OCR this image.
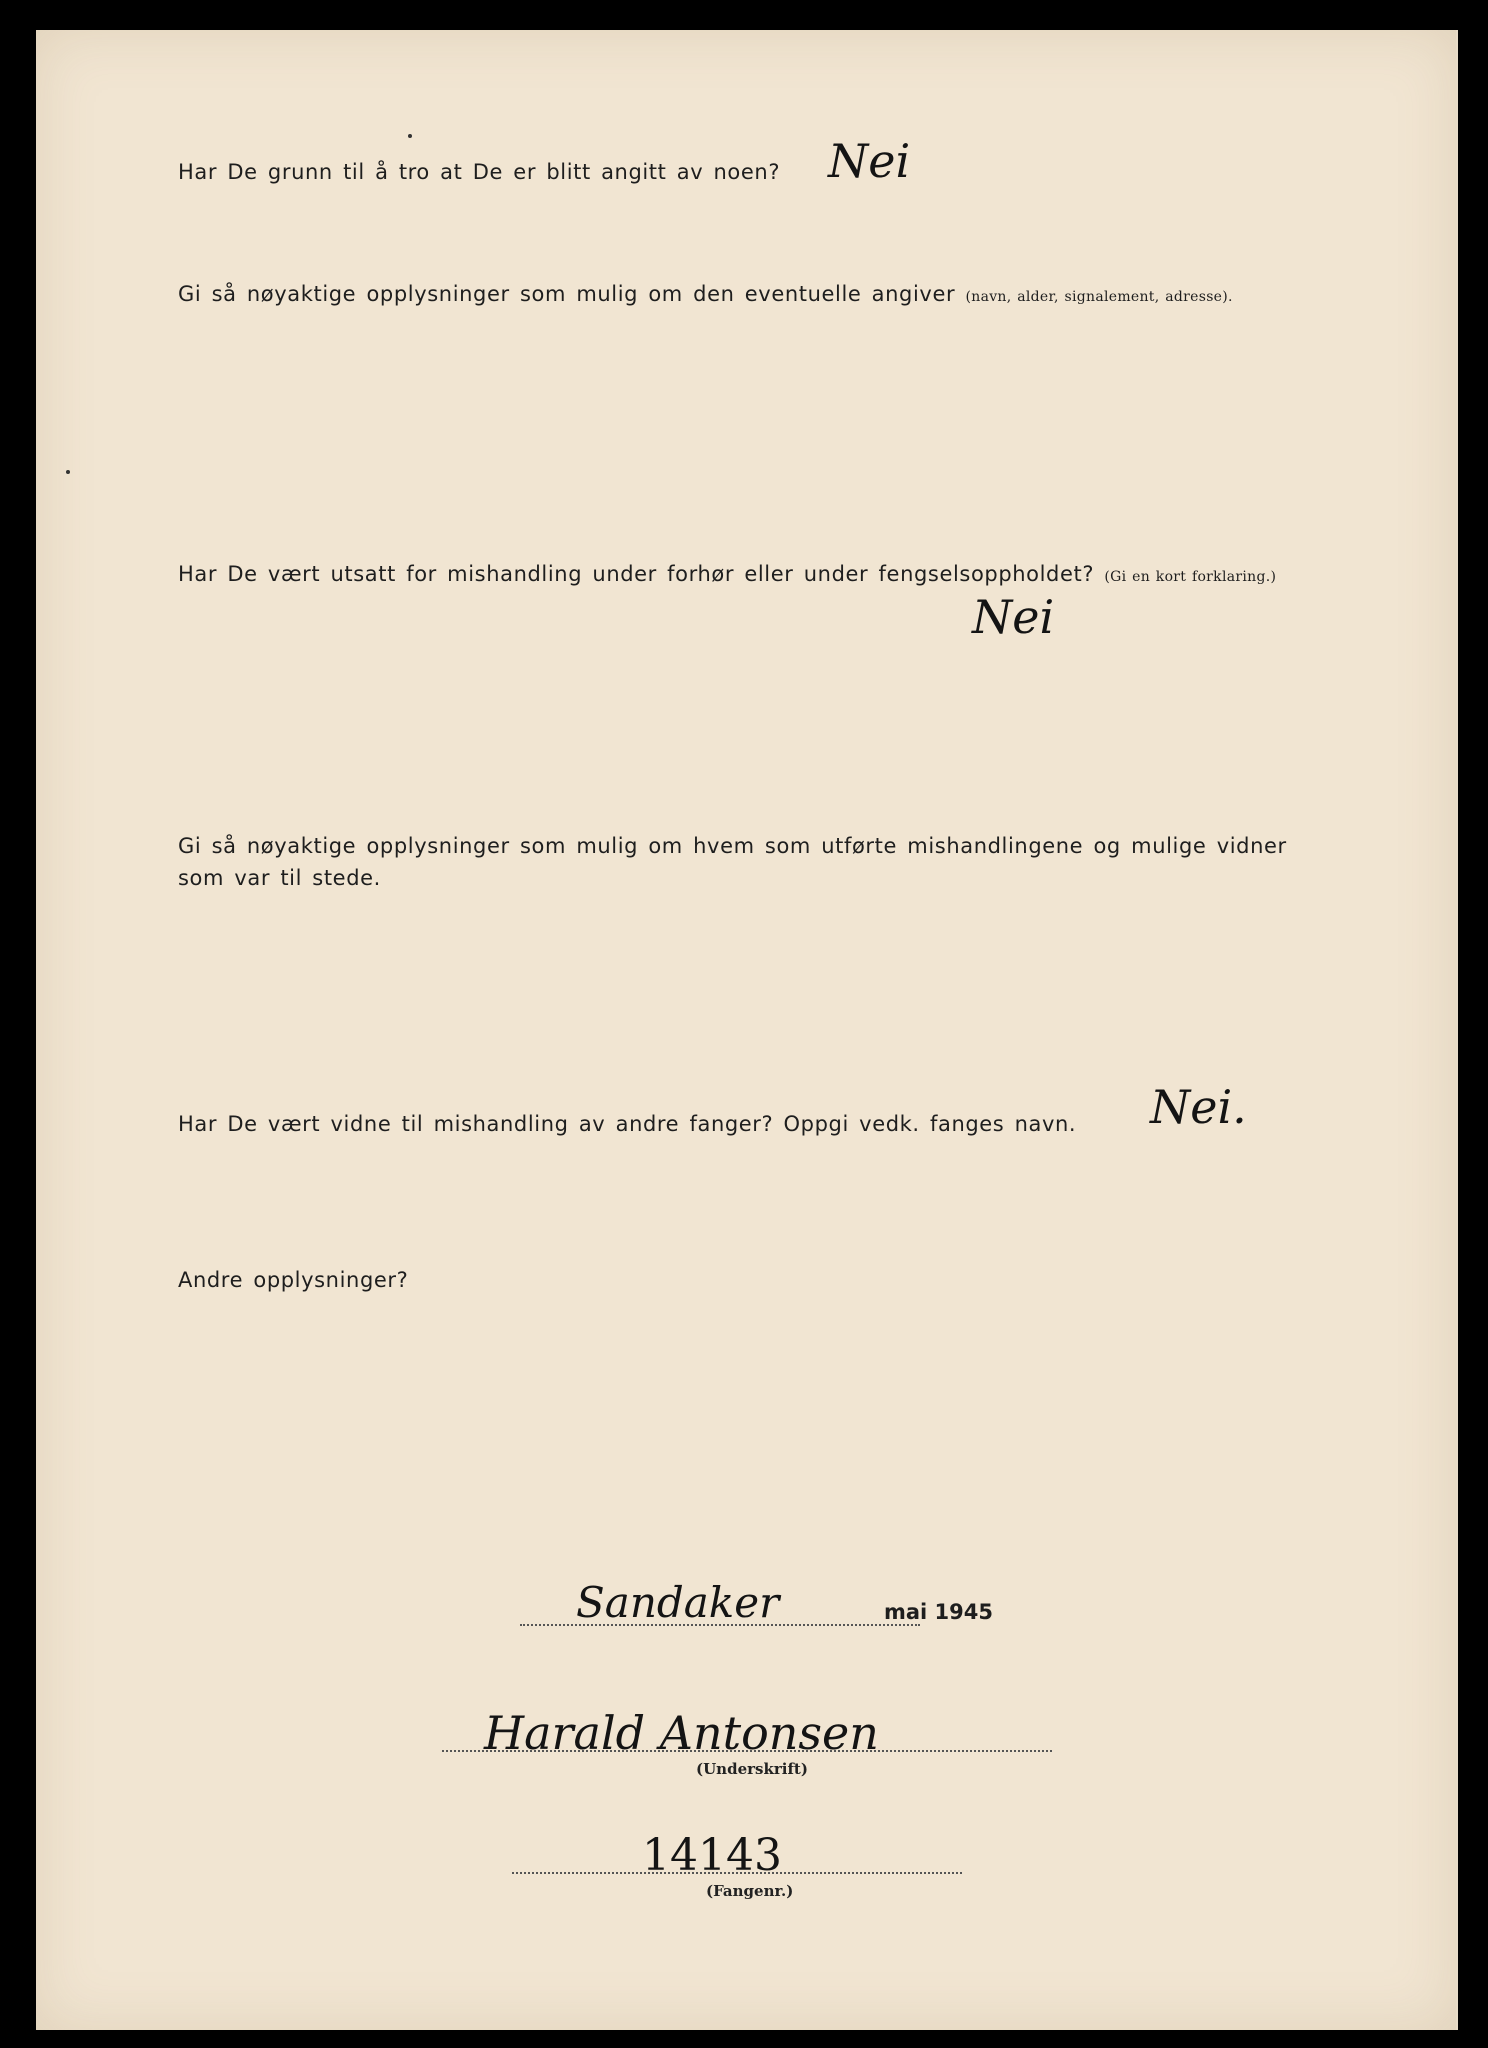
Har De grunn til å tro at De er blitt angitt av noen? Nei
Gi så nøyaktige opplysninger som mulig om den eventuelle angiver (navn, alder, signalement, adresse).
Har De vært utsatt for mishandling under forhør eller under fengselsoppholdet? (Gi en kort forklaring.)
Nei
Gi så nøyaktige opplysninger som mulig om hvem som utførte mishandlingene og mulige vidner
som var til stede.
Har De vært vidne til mishandling av andre fanger? Oppgi vedk. fanges navn. Nei.
Andre opplysninger?
Sandaker	mai 1945
Harald Antonsen
(Underskrift)
14143
(Fangenr.)
